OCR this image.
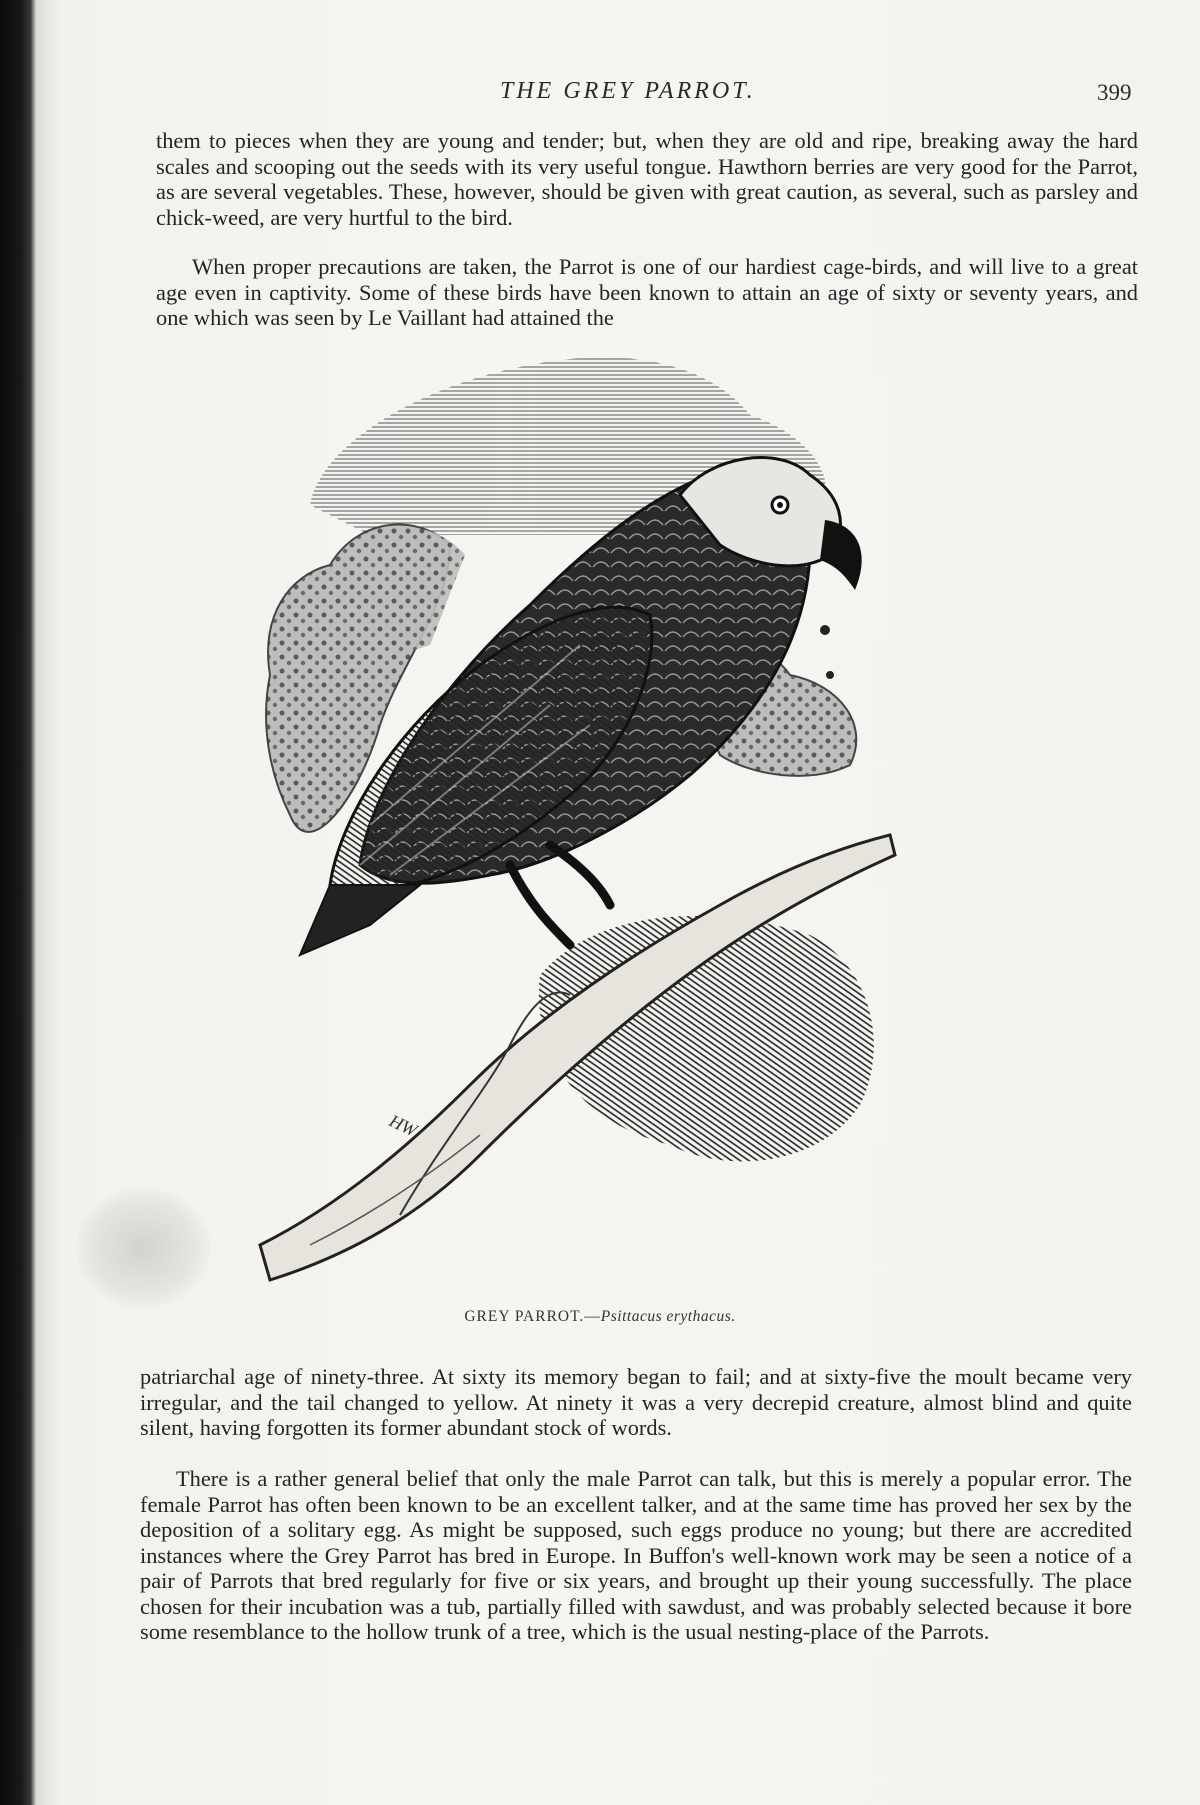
THE GREY PARROT.	399

them to pieces when they are young and tender; but, when they are old and ripe, breaking away the hard scales and scooping out the seeds with its very useful tongue. Hawthorn berries are very good for the Parrot, as are several vegetables. These, however, should be given with great caution, as several, such as parsley and chick-weed, are very hurtful to the bird.

When proper precautions are taken, the Parrot is one of our hardiest cage-birds, and will live to a great age even in captivity. Some of these birds have been known to attain an age of sixty or seventy years, and one which was seen by Le Vaillant had attained the

HW
GREY PARROT.—Psittacus erythacus.

patriarchal age of ninety-three. At sixty its memory began to fail; and at sixty-five the moult became very irregular, and the tail changed to yellow. At ninety it was a very decrepid creature, almost blind and quite silent, having forgotten its former abundant stock of words.

There is a rather general belief that only the male Parrot can talk, but this is merely a popular error. The female Parrot has often been known to be an excellent talker, and at the same time has proved her sex by the deposition of a solitary egg. As might be supposed, such eggs produce no young; but there are accredited instances where the Grey Parrot has bred in Europe. In Buffon's well-known work may be seen a notice of a pair of Parrots that bred regularly for five or six years, and brought up their young successfully. The place chosen for their incubation was a tub, partially filled with sawdust, and was probably selected because it bore some resemblance to the hollow trunk of a tree, which is the usual nesting-place of the Parrots.
